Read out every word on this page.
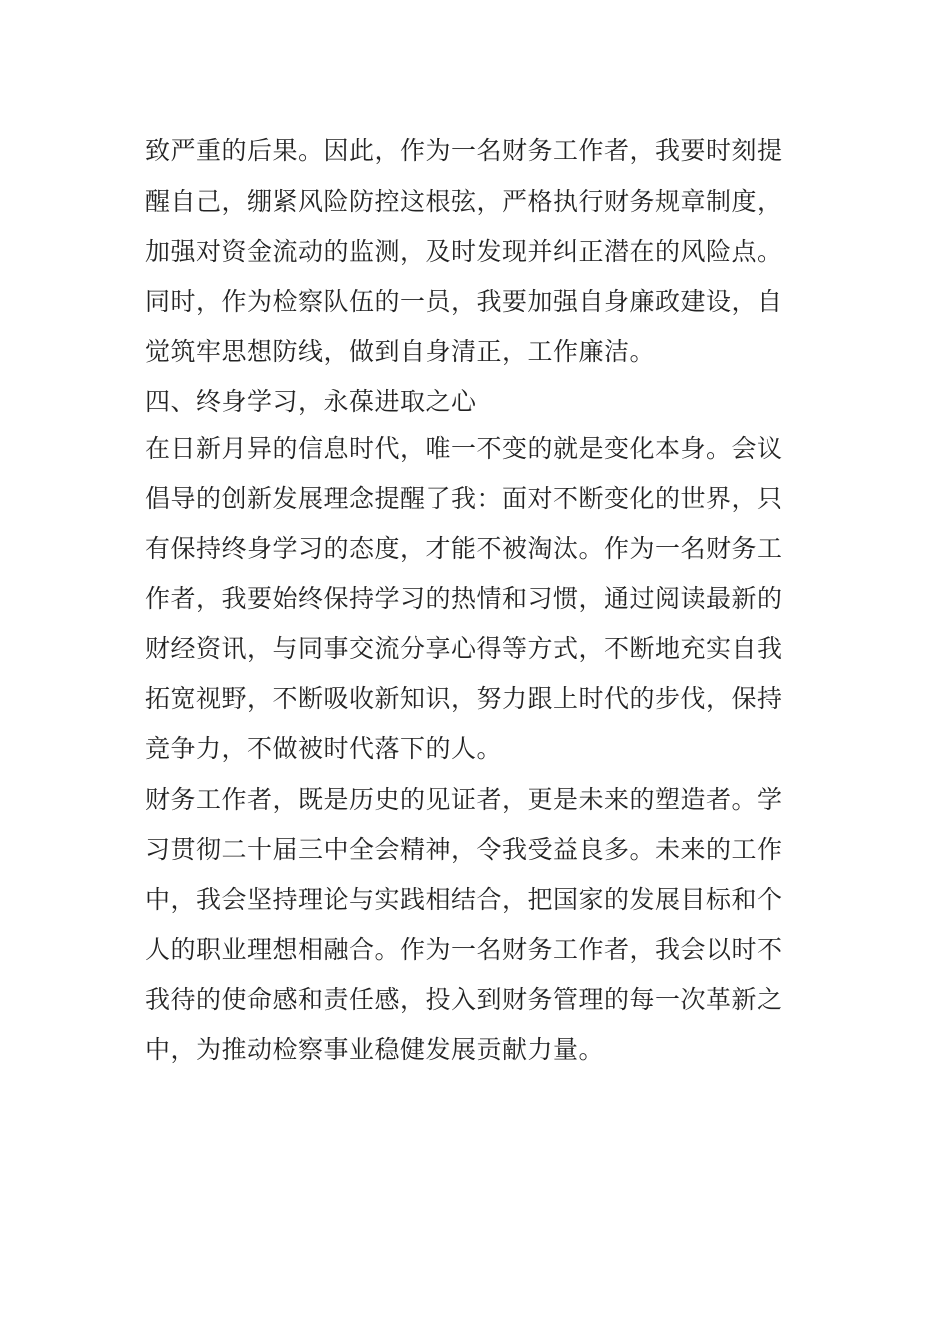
致严重的后果。因此，作为一名财务工作者，我要时刻提
醒自己，绷紧风险防控这根弦，严格执行财务规章制度，
加强对资金流动的监测，及时发现并纠正潜在的风险点。
同时，作为检察队伍的一员，我要加强自身廉政建设，自
觉筑牢思想防线，做到自身清正，工作廉洁。
四、终身学习，永葆进取之心
在日新月异的信息时代，唯一不变的就是变化本身。会议
倡导的创新发展理念提醒了我：面对不断变化的世界，只
有保持终身学习的态度，才能不被淘汰。作为一名财务工
作者，我要始终保持学习的热情和习惯，通过阅读最新的
财经资讯，与同事交流分享心得等方式，不断地充实自我
拓宽视野，不断吸收新知识，努力跟上时代的步伐，保持
竞争力，不做被时代落下的人。
财务工作者，既是历史的见证者，更是未来的塑造者。学
习贯彻二十届三中全会精神，令我受益良多。未来的工作
中，我会坚持理论与实践相结合，把国家的发展目标和个
人的职业理想相融合。作为一名财务工作者，我会以时不
我待的使命感和责任感，投入到财务管理的每一次革新之
中，为推动检察事业稳健发展贡献力量。
